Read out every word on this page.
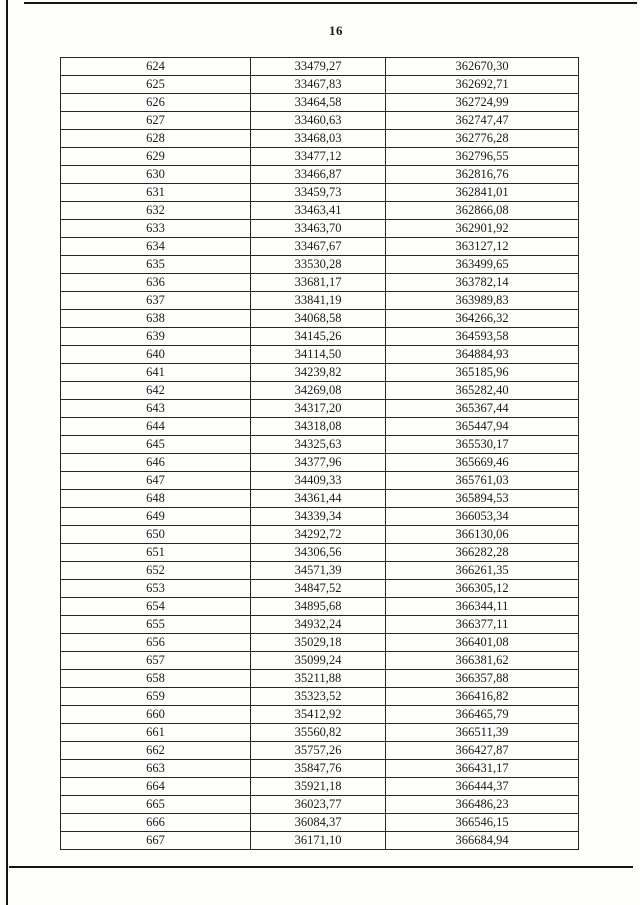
16
624	33479,27	362670,30
625	33467,83	362692,71
626	33464,58	362724,99
627	33460,63	362747,47
628	33468,03	362776,28
629	33477,12	362796,55
630	33466,87	362816,76
631	33459,73	362841,01
632	33463,41	362866,08
633	33463,70	362901,92
634	33467,67	363127,12
635	33530,28	363499,65
636	33681,17	363782,14
637	33841,19	363989,83
638	34068,58	364266,32
639	34145,26	364593,58
640	34114,50	364884,93
641	34239,82	365185,96
642	34269,08	365282,40
643	34317,20	365367,44
644	34318,08	365447,94
645	34325,63	365530,17
646	34377,96	365669,46
647	34409,33	365761,03
648	34361,44	365894,53
649	34339,34	366053,34
650	34292,72	366130,06
651	34306,56	366282,28
652	34571,39	366261,35
653	34847,52	366305,12
654	34895,68	366344,11
655	34932,24	366377,11
656	35029,18	366401,08
657	35099,24	366381,62
658	35211,88	366357,88
659	35323,52	366416,82
660	35412,92	366465,79
661	35560,82	366511,39
662	35757,26	366427,87
663	35847,76	366431,17
664	35921,18	366444,37
665	36023,77	366486,23
666	36084,37	366546,15
667	36171,10	366684,94
